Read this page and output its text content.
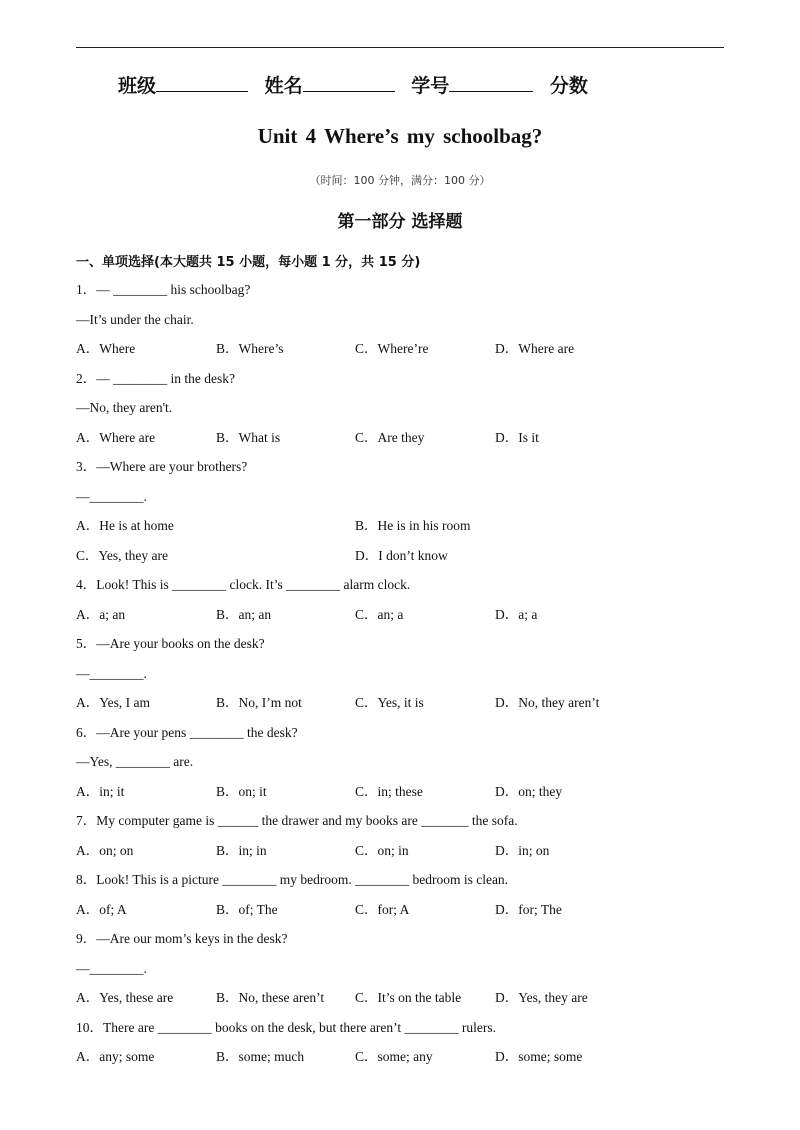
班级	姓名	学号	分数
Unit 4 Where’s my schoolbag?
（时间：100 分钟，满分：100 分）
第一部分 选择题
一、单项选择(本大题共 15 小题，每小题 1 分，共 15 分)
1．— ________ his schoolbag?
—It’s under the chair.
A．Where	B．Where’s	C．Where’re	D．Where are
2．— ________ in the desk?
—No, they aren't.
A．Where are	B．What is	C．Are they	D．Is it
3．—Where are your brothers?
—________.
A．He is at home	B．He is in his room
C．Yes, they are	D．I don’t know
4．Look! This is ________ clock. It’s ________ alarm clock.
A．a; an	B．an; an	C．an; a	D．a; a
5．—Are your books on the desk?
—________.
A．Yes, I am	B．No, I’m not	C．Yes, it is	D．No, they aren’t
6．—Are your pens ________ the desk?
—Yes, ________ are.
A．in; it	B．on; it	C．in; these	D．on; they
7．My computer game is ______ the drawer and my books are _______ the sofa.
A．on; on	B．in; in	C．on; in	D．in; on
8．Look! This is a picture ________ my bedroom. ________ bedroom is clean.
A．of; A	B．of; The	C．for; A	D．for; The
9．—Are our mom’s keys in the desk?
—________.
A．Yes, these are	B．No, these aren’t C．It’s on the table	D．Yes, they are
10．There are ________ books on the desk, but there aren’t ________ rulers.
A．any; some	B．some; much	C．some; any	D．some; some
